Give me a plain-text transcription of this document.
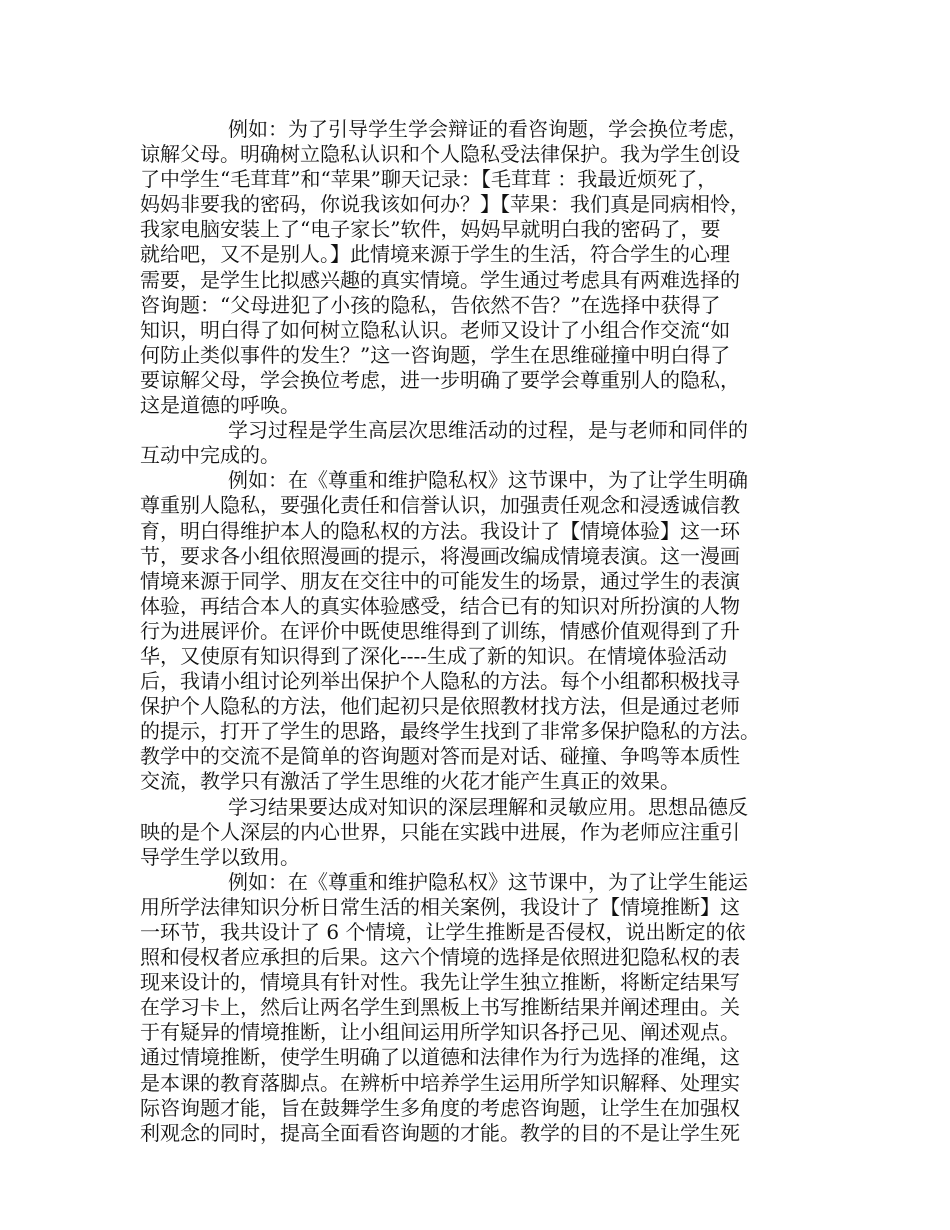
例如：为了引导学生学会辩证的看咨询题，学会换位考虑，
谅解父母。明确树立隐私认识和个人隐私受法律保护。我为学生创设
了中学生“毛茸茸”和“苹果”聊天记录：【毛茸茸 ：我最近烦死了，
妈妈非要我的密码，你说我该如何办？】【苹果：我们真是同病相怜，
我家电脑安装上了“电子家长”软件，妈妈早就明白我的密码了，要
就给吧，又不是别人。】此情境来源于学生的生活，符合学生的心理
需要，是学生比拟感兴趣的真实情境。学生通过考虑具有两难选择的
咨询题：“父母进犯了小孩的隐私，告依然不告？”在选择中获得了
知识，明白得了如何树立隐私认识。老师又设计了小组合作交流“如
何防止类似事件的发生？”这一咨询题，学生在思维碰撞中明白得了
要谅解父母，学会换位考虑，进一步明确了要学会尊重别人的隐私，
这是道德的呼唤。
学习过程是学生高层次思维活动的过程，是与老师和同伴的
互动中完成的。
例如：在《尊重和维护隐私权》这节课中，为了让学生明确
尊重别人隐私，要强化责任和信誉认识，加强责任观念和浸透诚信教
育，明白得维护本人的隐私权的方法。我设计了【情境体验】这一环
节，要求各小组依照漫画的提示，将漫画改编成情境表演。这一漫画
情境来源于同学、朋友在交往中的可能发生的场景，通过学生的表演
体验，再结合本人的真实体验感受，结合已有的知识对所扮演的人物
行为进展评价。在评价中既使思维得到了训练，情感价值观得到了升
华，又使原有知识得到了深化----生成了新的知识。在情境体验活动
后，我请小组讨论列举出保护个人隐私的方法。每个小组都积极找寻
保护个人隐私的方法，他们起初只是依照教材找方法，但是通过老师
的提示，打开了学生的思路，最终学生找到了非常多保护隐私的方法。
教学中的交流不是简单的咨询题对答而是对话、碰撞、争鸣等本质性
交流，教学只有激活了学生思维的火花才能产生真正的效果。
学习结果要达成对知识的深层理解和灵敏应用。思想品德反
映的是个人深层的内心世界，只能在实践中进展，作为老师应注重引
导学生学以致用。
例如：在《尊重和维护隐私权》这节课中，为了让学生能运
用所学法律知识分析日常生活的相关案例，我设计了【情境推断】这
一环节，我共设计了 6 个情境，让学生推断是否侵权，说出断定的依
照和侵权者应承担的后果。这六个情境的选择是依照进犯隐私权的表
现来设计的，情境具有针对性。我先让学生独立推断，将断定结果写
在学习卡上，然后让两名学生到黑板上书写推断结果并阐述理由。关
于有疑异的情境推断，让小组间运用所学知识各抒己见、阐述观点。
通过情境推断，使学生明确了以道德和法律作为行为选择的准绳，这
是本课的教育落脚点。在辨析中培养学生运用所学知识解释、处理实
际咨询题才能，旨在鼓舞学生多角度的考虑咨询题，让学生在加强权
利观念的同时，提高全面看咨询题的才能。教学的目的不是让学生死
